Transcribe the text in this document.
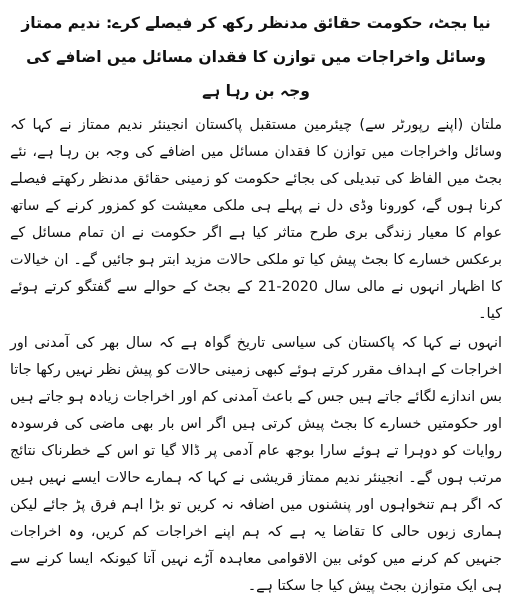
نیا بجٹ، حکومت حقائق مدنظر رکھ کر فیصلے کرے: ندیم ممتاز

وسائل واخراجات میں توازن کا فقدان مسائل میں اضافے کی وجہ بن رہا ہے

ملتان (اپنے رپورٹر سے) چیئرمین مستقبل پاکستان انجینئر ندیم ممتاز نے کہا کہ وسائل واخراجات میں توازن کا فقدان مسائل میں اضافے کی وجہ بن رہا ہے، نئے بجٹ میں الفاظ کی تبدیلی کی بجائے حکومت کو زمینی حقائق مدنظر رکھتے فیصلے کرنا ہوں گے، کورونا وڈی دل نے پہلے ہی ملکی معیشت کو کمزور کرنے کے ساتھ عوام کا معیار زندگی بری طرح متاثر کیا ہے اگر حکومت نے ان تمام مسائل کے برعکس خسارے کا بجٹ پیش کیا تو ملکی حالات مزید ابتر ہو جائیں گے۔ ان خیالات کا اظہار انہوں نے مالی سال 2020-21 کے بجٹ کے حوالے سے گفتگو کرتے ہوئے کیا۔

انہوں نے کہا کہ پاکستان کی سیاسی تاریخ گواہ ہے کہ سال بھر کی آمدنی اور اخراجات کے اہداف مقرر کرتے ہوئے کبھی زمینی حالات کو پیش نظر نہیں رکھا جاتا بس اندازے لگائے جاتے ہیں جس کے باعث آمدنی کم اور اخراجات زیادہ ہو جاتے ہیں اور حکومتیں خسارے کا بجٹ پیش کرتی ہیں اگر اس بار بھی ماضی کی فرسودہ روایات کو دوہرا تے ہوئے سارا بوجھ عام آدمی پر ڈالا گیا تو اس کے خطرناک نتائج مرتب ہوں گے۔ انجینئر ندیم ممتاز قریشی نے کہا کہ ہمارے حالات ایسے نہیں ہیں کہ اگر ہم تنخواہوں اور پنشنوں میں اضافہ نہ کریں تو بڑا اہم فرق پڑ جائے لیکن ہماری زبوں حالی کا تقاضا یہ ہے کہ ہم اپنے اخراجات کم کریں، وہ اخراجات جنہیں کم کرنے میں کوئی بین الاقوامی معاہدہ آڑے نہیں آتا کیونکہ ایسا کرنے سے ہی ایک متوازن بجٹ پیش کیا جا سکتا ہے۔
